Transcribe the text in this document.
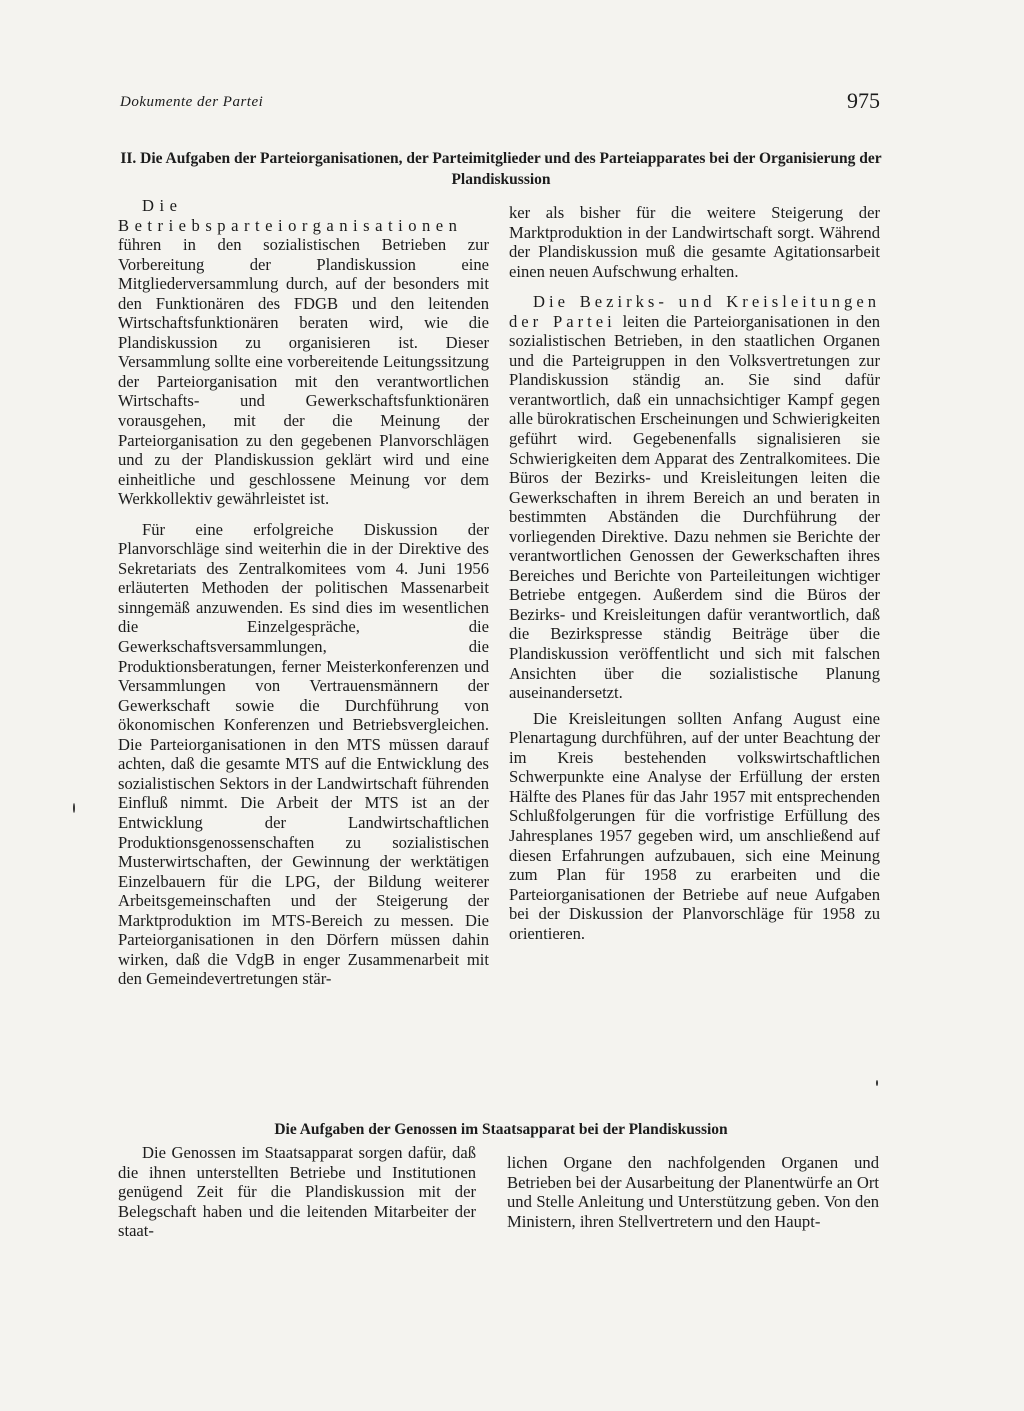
Dokumente der Partei	975
II. Die Aufgaben der Parteiorganisationen, der Parteimitglieder und des Parteiapparates bei der Organisierung der Plandiskussion

Die Betriebsparteiorganisationen führen in den sozialistischen Betrieben zur Vorbereitung der Plandiskussion eine Mitgliederversammlung durch, auf der besonders mit den Funktionären des FDGB und den leitenden Wirtschaftsfunktionären beraten wird, wie die Plandiskussion zu organisieren ist. Dieser Versammlung sollte eine vorbereitende Leitungssitzung der Parteiorganisation mit den verantwortlichen Wirtschafts- und Gewerkschaftsfunktionären vorausgehen, mit der die Meinung der Parteiorganisation zu den gegebenen Planvorschlägen und zu der Plandiskussion geklärt wird und eine einheitliche und geschlossene Meinung vor dem Werkkollektiv gewährleistet ist.

Für eine erfolgreiche Diskussion der Planvorschläge sind weiterhin die in der Direktive des Sekretariats des Zentralkomitees vom 4. Juni 1956 erläuterten Methoden der politischen Massenarbeit sinngemäß anzuwenden. Es sind dies im wesentlichen die Einzelgespräche, die Gewerkschaftsversammlungen, die Produktionsberatungen, ferner Meisterkonferenzen und Versammlungen von Vertrauensmännern der Gewerkschaft sowie die Durchführung von ökonomischen Konferenzen und Betriebsvergleichen. Die Parteiorganisationen in den MTS müssen darauf achten, daß die gesamte MTS auf die Entwicklung des sozialistischen Sektors in der Landwirtschaft führenden Einfluß nimmt. Die Arbeit der MTS ist an der Entwicklung der Landwirtschaftlichen Produktionsgenossenschaften zu sozialistischen Musterwirtschaften, der Gewinnung der werktätigen Einzelbauern für die LPG, der Bildung weiterer Arbeitsgemeinschaften und der Steigerung der Marktproduktion im MTS-Bereich zu messen. Die Parteiorganisationen in den Dörfern müssen dahin wirken, daß die VdgB in enger Zusammenarbeit mit den Gemeindevertretungen stär-

ker als bisher für die weitere Steigerung der Marktproduktion in der Landwirtschaft sorgt. Während der Plandiskussion muß die gesamte Agitationsarbeit einen neuen Aufschwung erhalten.

Die Bezirks- und Kreisleitungen der Partei leiten die Parteiorganisationen in den sozialistischen Betrieben, in den staatlichen Organen und die Parteigruppen in den Volksvertretungen zur Plandiskussion ständig an. Sie sind dafür verantwortlich, daß ein unnachsichtiger Kampf gegen alle bürokratischen Erscheinungen und Schwierigkeiten geführt wird. Gegebenenfalls signalisieren sie Schwierigkeiten dem Apparat des Zentralkomitees. Die Büros der Bezirks- und Kreisleitungen leiten die Gewerkschaften in ihrem Bereich an und beraten in bestimmten Abständen die Durchführung der vorliegenden Direktive. Dazu nehmen sie Berichte der verantwortlichen Genossen der Gewerkschaften ihres Bereiches und Berichte von Parteileitungen wichtiger Betriebe entgegen. Außerdem sind die Büros der Bezirks- und Kreisleitungen dafür verantwortlich, daß die Bezirkspresse ständig Beiträge über die Plandiskussion veröffentlicht und sich mit falschen Ansichten über die sozialistische Planung auseinandersetzt.

Die Kreisleitungen sollten Anfang August eine Plenartagung durchführen, auf der unter Beachtung der im Kreis bestehenden volkswirtschaftlichen Schwerpunkte eine Analyse der Erfüllung der ersten Hälfte des Planes für das Jahr 1957 mit entsprechenden Schlußfolgerungen für die vorfristige Erfüllung des Jahresplanes 1957 gegeben wird, um anschließend auf diesen Erfahrungen aufzubauen, sich eine Meinung zum Plan für 1958 zu erarbeiten und die Parteiorganisationen der Betriebe auf neue Aufgaben bei der Diskussion der Planvorschläge für 1958 zu orientieren.

Die Aufgaben der Genossen im Staatsapparat bei der Plandiskussion

Die Genossen im Staatsapparat sorgen dafür, daß die ihnen unterstellten Betriebe und Institutionen genügend Zeit für die Plandiskussion mit der Belegschaft haben und die leitenden Mitarbeiter der staat-

lichen Organe den nachfolgenden Organen und Betrieben bei der Ausarbeitung der Planentwürfe an Ort und Stelle Anleitung und Unterstützung geben. Von den Ministern, ihren Stellvertretern und den Haupt-
